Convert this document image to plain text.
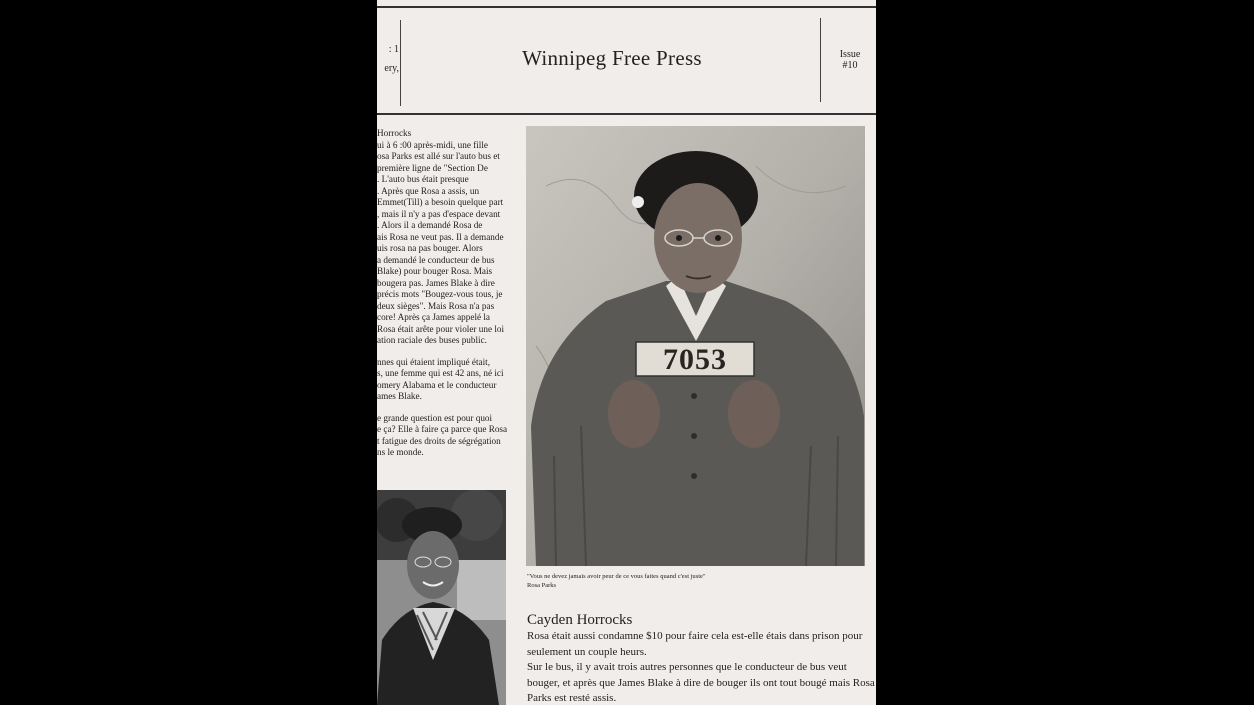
: 1
ery,	Winnipeg Free Press	Issue
#10
Horrocks

ui à 6 :00 après-midi, une fille
osa Parks est allé sur l'auto bus et
première ligne de "Section De
. L'auto bus était presque
. Après que Rosa a assis, un
Emmet(Till) a besoin quelque part
, mais il n'y a pas d'espace devant
. Alors il a demandé Rosa de
ais Rosa ne veut pas. Il a demande
uis rosa na pas bouger. Alors
a demandé le conducteur de bus
Blake) pour bouger Rosa. Mais
bougera pas. James Blake à dire
précis mots "Bougez-vous tous, je
deux sièges". Mais Rosa n'a pas
core! Après ça James appelé la
Rosa était arête pour violer une loi
ation raciale des buses public.

nnes qui étaient impliqué était,
s, une femme qui est 42 ans, né ici
omery Alabama et le conducteur
ames Blake.

e grande question est pour quoi
e ça? Elle à faire ça parce que Rosa
t fatigue des droits de ségrégation
ns le monde.

7053
"Vous ne devez jamais avoir peur de ce vous faites quand c'est juste"
Rosa Parks
Cayden Horrocks

Rosa était aussi condamne $10 pour faire cela est-elle étais dans prison pour seulement un couple heurs.

Sur le bus, il y avait trois autres personnes que le conducteur de bus veut bouger, et après que James Blake à dire de bouger ils ont tout bougé mais Rosa Parks est resté assis.
